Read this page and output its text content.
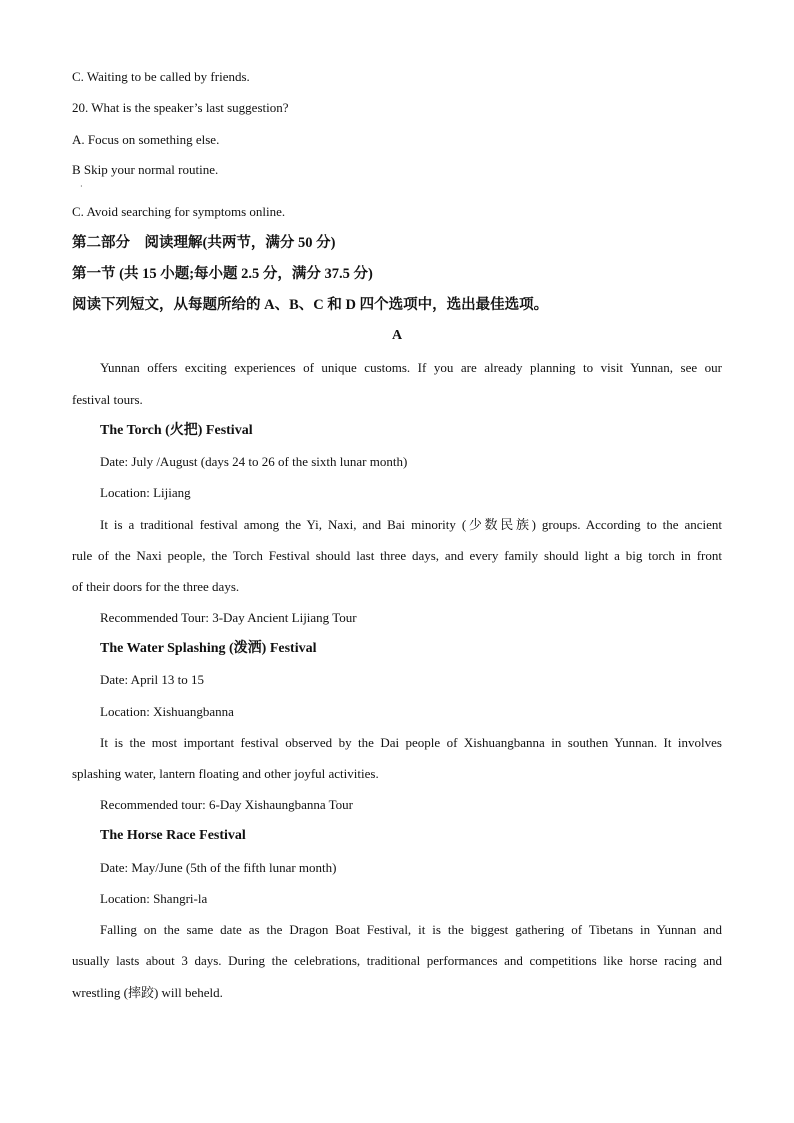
C. Waiting to be called by friends.
20. What is the speaker’s last suggestion?
A. Focus on something else.
B Skip your normal routine.
·
C. Avoid searching for symptoms online.
第二部分　阅读理解(共两节，满分 50 分)
第一节 (共 15 小题;每小题 2.5 分，满分 37.5 分)
阅读下列短文，从每题所给的 A、B、C 和 D 四个选项中，选出最佳选项。
A
Yunnan offers exciting experiences of unique customs. If you are already planning to visit Yunnan, see our
festival tours.
The Torch (火把) Festival
Date: July /August (days 24 to 26 of the sixth lunar month)
Location: Lijiang
It is a traditional festival among the Yi, Naxi, and Bai minority (少数民族) groups. According to the ancient
rule of the Naxi people, the Torch Festival should last three days, and every family should light a big torch in front
of their doors for the three days.
Recommended Tour: 3-Day Ancient Lijiang Tour
The Water Splashing (泼洒) Festival
Date: April 13 to 15
Location: Xishuangbanna
It is the most important festival observed by the Dai people of Xishuangbanna in southen Yunnan. It involves
splashing water, lantern floating and other joyful activities.
Recommended tour: 6-Day Xishaungbanna Tour
The Horse Race Festival
Date: May/June (5th of the fifth lunar month)
Location: Shangri-la
Falling on the same date as the Dragon Boat Festival, it is the biggest gathering of Tibetans in Yunnan and
usually lasts about 3 days. During the celebrations, traditional performances and competitions like horse racing and
wrestling (摔跤) will beheld.
